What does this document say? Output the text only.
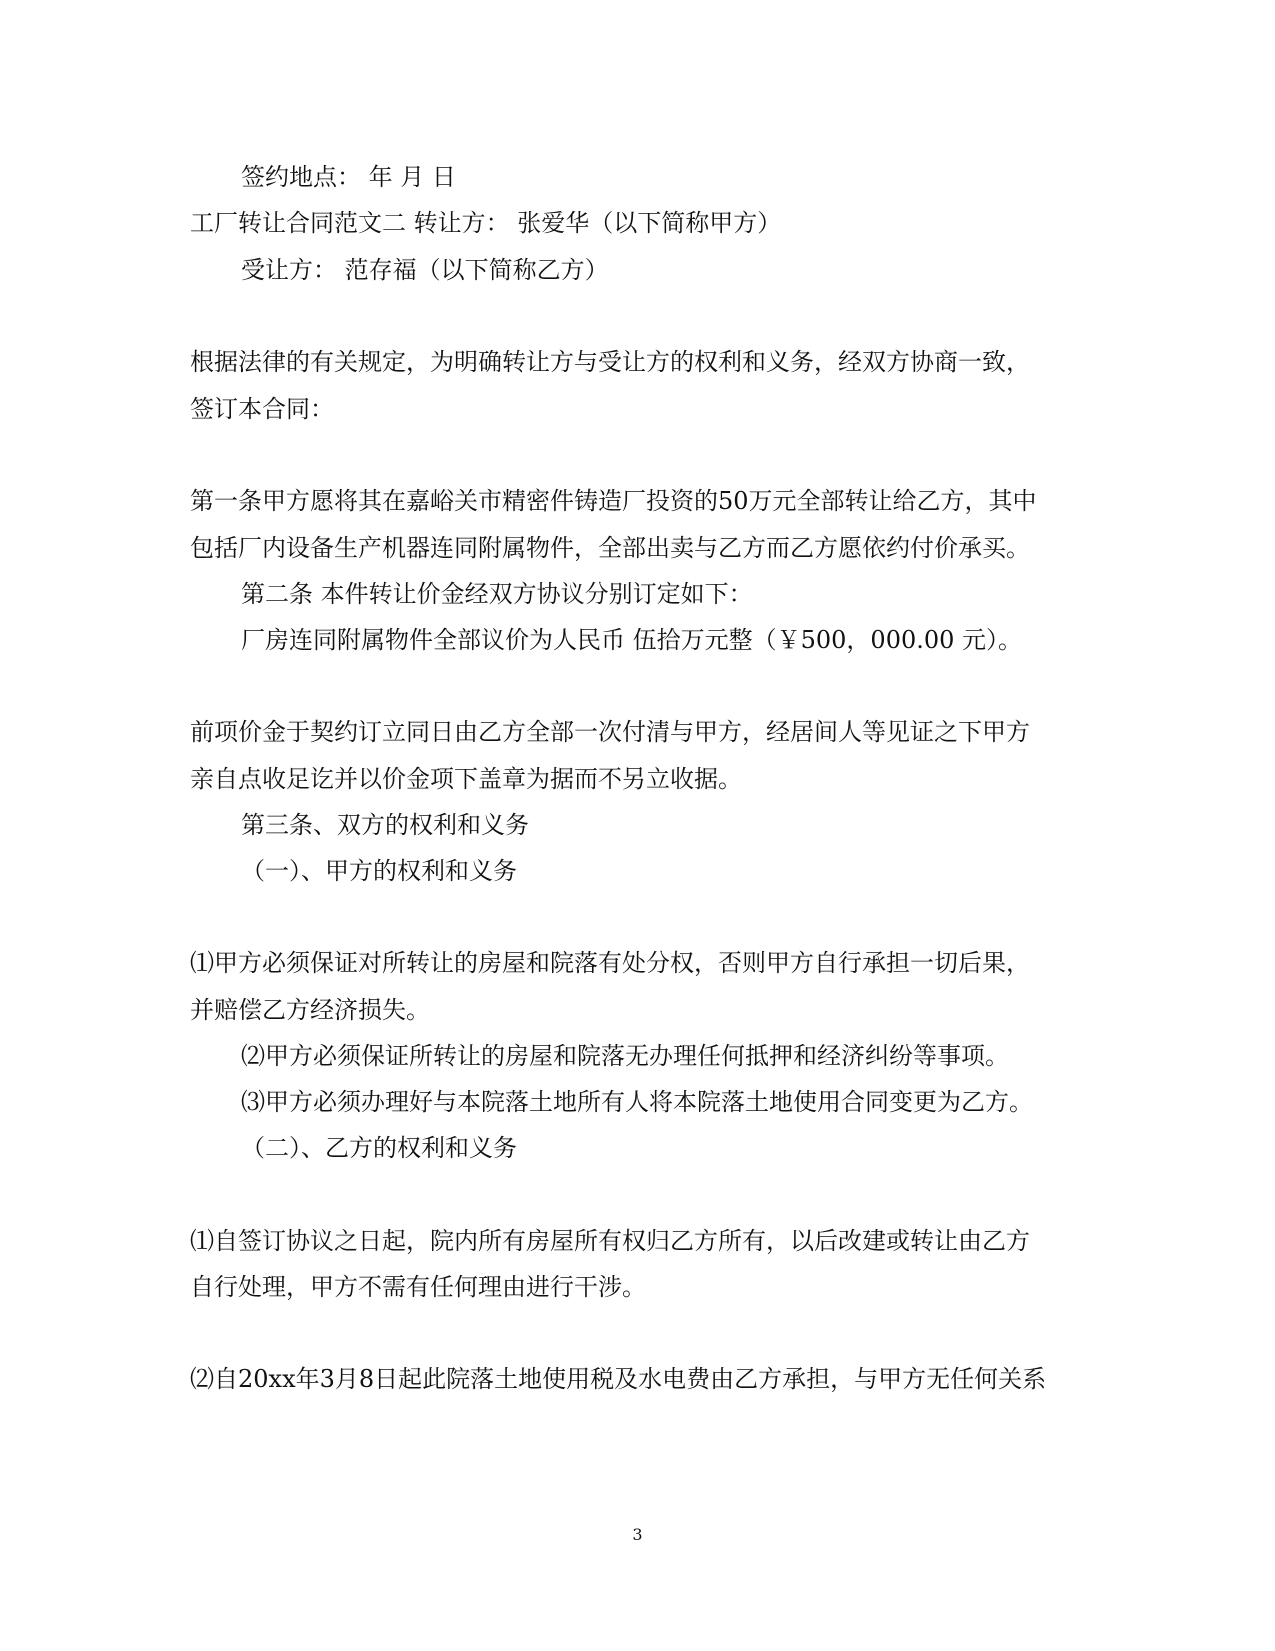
签约地点： 年 月 日
工厂转让合同范文二 转让方： 张爱华（以下简称甲方）
受让方： 范存福（以下简称乙方）
根据法律的有关规定，为明确转让方与受让方的权利和义务，经双方协商一致，
签订本合同：
第一条甲方愿将其在嘉峪关市精密件铸造厂投资的50万元全部转让给乙方，其中
包括厂内设备生产机器连同附属物件，全部出卖与乙方而乙方愿依约付价承买。
第二条 本件转让价金经双方协议分别订定如下：
厂房连同附属物件全部议价为人民币 伍拾万元整（￥500，000.00 元）。
前项价金于契约订立同日由乙方全部一次付清与甲方，经居间人等见证之下甲方
亲自点收足讫并以价金项下盖章为据而不另立收据。
第三条、双方的权利和义务
（一）、甲方的权利和义务
⑴甲方必须保证对所转让的房屋和院落有处分权，否则甲方自行承担一切后果，
并赔偿乙方经济损失。
⑵甲方必须保证所转让的房屋和院落无办理任何抵押和经济纠纷等事项。
⑶甲方必须办理好与本院落土地所有人将本院落土地使用合同变更为乙方。
（二）、乙方的权利和义务
⑴自签订协议之日起，院内所有房屋所有权归乙方所有，以后改建或转让由乙方
自行处理，甲方不需有任何理由进行干涉。
⑵自20xx年3月8日起此院落土地使用税及水电费由乙方承担，与甲方无任何关系
3
